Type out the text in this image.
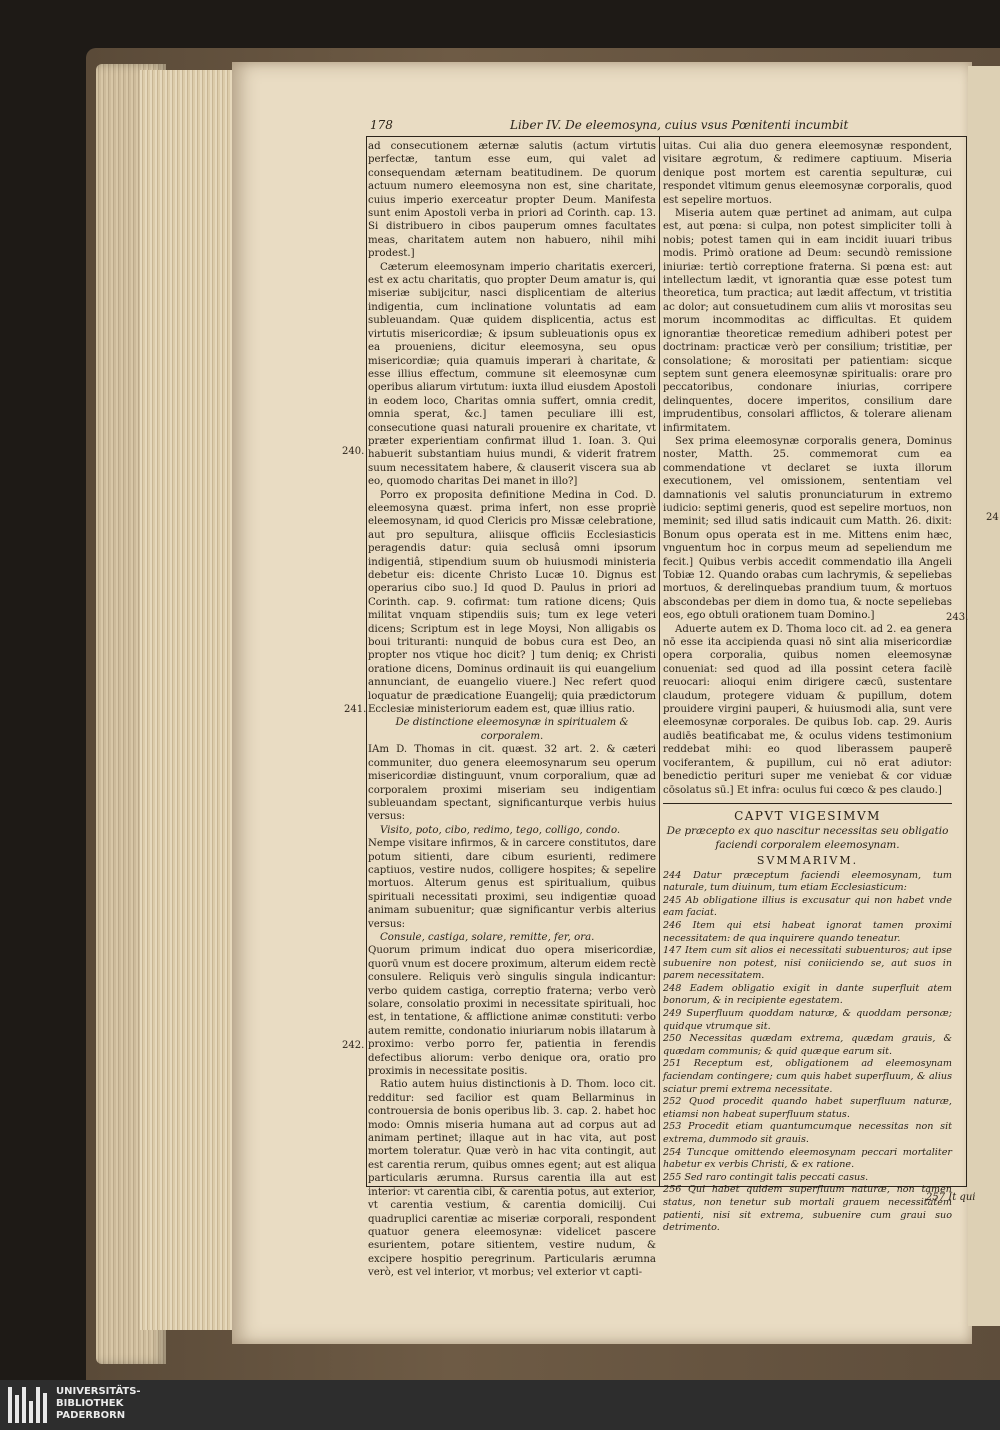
178	Liber IV. De eleemosyna, cuius vsus Pœnitenti incumbit

ad consecutionem æternæ salutis (actum virtutis perfectæ, tantum esse eum, qui valet ad consequendam æternam beatitudinem. De quorum actuum numero eleemosyna non est, sine charitate, cuius imperio exerceatur propter Deum. Manifesta sunt enim Apostoli verba in priori ad Corinth. cap. 13. Si distribuero in cibos pauperum omnes facultates meas, charitatem autem non habuero, nihil mihi prodest.]

Cæterum eleemosynam imperio charitatis exerceri, est ex actu charitatis, quo propter Deum amatur is, qui miseriæ subijcitur, nasci displicentiam de alterius indigentia, cum inclinatione voluntatis ad eam subleuandam. Quæ quidem displicentia, actus est virtutis misericordiæ; & ipsum subleuationis opus ex ea proueniens, dicitur eleemosyna, seu opus misericordiæ; quia quamuis imperari à charitate, & esse illius effectum, commune sit eleemosynæ cum operibus aliarum virtutum: iuxta illud eiusdem Apostoli in eodem loco, Charitas omnia suffert, omnia credit, omnia sperat, &c.] tamen peculiare illi est, consecutione quasi naturali prouenire ex charitate, vt præter experientiam confirmat illud 1. Ioan. 3. Qui habuerit substantiam huius mundi, & viderit fratrem suum necessitatem habere, & clauserit viscera sua ab eo, quomodo charitas Dei manet in illo?]

Porro ex proposita definitione Medina in Cod. D. eleemosyna quæst. prima infert, non esse propriè eleemosynam, id quod Clericis pro Missæ celebratione, aut pro sepultura, aliisque officiis Ecclesiasticis peragendis datur: quia seclusâ omni ipsorum indigentiâ, stipendium suum ob huiusmodi ministeria debetur eis: dicente Christo Lucæ 10. Dignus est operarius cibo suo.] Id quod D. Paulus in priori ad Corinth. cap. 9. cofirmat: tum ratione dicens; Quis militat vnquam stipendiis suis; tum ex lege veteri dicens; Scriptum est in lege Moysi, Non alligabis os boui trituranti: nunquid de bobus cura est Deo, an propter nos vtique hoc dicit? ] tum deniq; ex Christi oratione dicens, Dominus ordinauit iis qui euangelium annunciant, de euangelio viuere.] Nec refert quod loquatur de prædicatione Euangelij; quia prædictorum Ecclesiæ ministeriorum eadem est, quæ illius ratio.

De distinctione eleemosynæ in spiritualem & corporalem.

IAm D. Thomas in cit. quæst. 32 art. 2. & cæteri communiter, duo genera eleemosynarum seu operum misericordiæ distinguunt, vnum corporalium, quæ ad corporalem proximi miseriam seu indigentiam subleuandam spectant, significanturque verbis huius versus:

Visito, poto, cibo, redimo, tego, colligo, condo.

Nempe visitare infirmos, & in carcere constitutos, dare potum sitienti, dare cibum esurienti, redimere captiuos, vestire nudos, colligere hospites; & sepelire mortuos. Alterum genus est spiritualium, quibus spirituali necessitati proximi, seu indigentiæ quoad animam subuenitur; quæ significantur verbis alterius versus:

Consule, castiga, solare, remitte, fer, ora.

Quorum primum indicat duo opera misericordiæ, quorū vnum est docere proximum, alterum eidem rectè consulere. Reliquis verò singulis singula indicantur: verbo quidem castiga, correptio fraterna; verbo verò solare, consolatio proximi in necessitate spirituali, hoc est, in tentatione, & afflictione animæ constituti: verbo autem remitte, condonatio iniuriarum nobis illatarum à proximo: verbo porro fer, patientia in ferendis defectibus aliorum: verbo denique ora, oratio pro proximis in necessitate positis.

Ratio autem huius distinctionis à D. Thom. loco cit. redditur: sed facilior est quam Bellarminus in controuersia de bonis operibus lib. 3. cap. 2. habet hoc modo: Omnis miseria humana aut ad corpus aut ad animam pertinet; illaque aut in hac vita, aut post mortem toleratur. Quæ verò in hac vita contingit, aut est carentia rerum, quibus omnes egent; aut est aliqua particularis ærumna. Rursus carentia illa aut est interior: vt carentia cibi, & carentia potus, aut exterior, vt carentia vestium, & carentia domicilij. Cui quadruplici carentiæ ac miseriæ corporali, respondent quatuor genera eleemosynæ: videlicet pascere esurientem, potare sitientem, vestire nudum, & excipere hospitio peregrinum. Particularis ærumna verò, est vel interior, vt morbus; vel exterior vt capti-

uitas. Cui alia duo genera eleemosynæ respondent, visitare ægrotum, & redimere captiuum. Miseria denique post mortem est carentia sepulturæ, cui respondet vltimum genus eleemosynæ corporalis, quod est sepelire mortuos.

Miseria autem quæ pertinet ad animam, aut culpa est, aut pœna: si culpa, non potest simpliciter tolli à nobis; potest tamen qui in eam incidit iuuari tribus modis. Primò oratione ad Deum: secundò remissione iniuriæ: tertiò correptione fraterna. Si pœna est: aut intellectum lædit, vt ignorantia quæ esse potest tum theoretica, tum practica; aut lædit affectum, vt tristitia ac dolor; aut consuetudinem cum aliis vt morositas seu morum incommoditas ac difficultas. Et quidem ignorantiæ theoreticæ remedium adhiberi potest per doctrinam: practicæ verò per consilium; tristitiæ, per consolatione; & morositati per patientiam: sicque septem sunt genera eleemosynæ spiritualis: orare pro peccatoribus, condonare iniurias, corripere delinquentes, docere imperitos, consilium dare imprudentibus, consolari afflictos, & tolerare alienam infirmitatem.

Sex prima eleemosynæ corporalis genera, Dominus noster, Matth. 25. commemorat cum ea commendatione vt declaret se iuxta illorum executionem, vel omissionem, sententiam vel damnationis vel salutis pronunciaturum in extremo iudicio: septimi generis, quod est sepelire mortuos, non meminit; sed illud satis indicauit cum Matth. 26. dixit: Bonum opus operata est in me. Mittens enim hæc, vnguentum hoc in corpus meum ad sepeliendum me fecit.] Quibus verbis accedit commendatio illa Angeli Tobiæ 12. Quando orabas cum lachrymis, & sepeliebas mortuos, & derelinquebas prandium tuum, & mortuos abscondebas per diem in domo tua, & nocte sepeliebas eos, ego obtuli orationem tuam Domino.]

Aduerte autem ex D. Thoma loco cit. ad 2. ea genera nō esse ita accipienda quasi nō sint alia misericordiæ opera corporalia, quibus nomen eleemosynæ conueniat: sed quod ad illa possint cetera facilè reuocari: alioqui enim dirigere cæcū, sustentare claudum, protegere viduam & pupillum, dotem prouidere virgini pauperi, & huiusmodi alia, sunt vere eleemosynæ corporales. De quibus Iob. cap. 29. Auris audiēs beatificabat me, & oculus videns testimonium reddebat mihi: eo quod liberassem pauperē vociferantem, & pupillum, cui nō erat adiutor: benedictio perituri super me veniebat & cor viduæ cōsolatus sū.] Et infra: oculus fui cœco & pes claudo.]

CAPVT VIGESIMVM
De præcepto ex quo nascitur necessitas seu obligatio faciendi corporalem eleemosynam.
SVMMARIVM.
244 Datur præceptum faciendi eleemosynam, tum naturale, tum diuinum, tum etiam Ecclesiasticum:
245 Ab obligatione illius is excusatur qui non habet vnde eam faciat.
246 Item qui etsi habeat ignorat tamen proximi necessitatem: de qua inquirere quando teneatur.
147 Item cum sit alios ei necessitati subuenturos; aut ipse subuenire non potest, nisi coniiciendo se, aut suos in parem necessitatem.
248 Eadem obligatio exigit in dante superfluit atem bonorum, & in recipiente egestatem.
249 Superfluum quoddam naturæ, & quoddam personæ; quidque vtrumque sit.
250 Necessitas quædam extrema, quædam grauis, & quædam communis; & quid quæque earum sit.
251 Receptum est, obligationem ad eleemosynam faciendam contingere; cum quis habet superfluum, & alius sciatur premi extrema necessitate.
252 Quod procedit quando habet superfluum naturæ, etiamsi non habeat superfluum status.
253 Procedit etiam quantumcumque necessitas non sit extrema, dummodo sit grauis.
254 Tuncque omittendo eleemosynam peccari mortaliter habetur ex verbis Christi, & ex ratione.
255 Sed raro contingit talis peccati casus.
256 Qui habet quidem superfluum naturæ, non tamen status, non tenetur sub mortali grauem necessitatem patienti, nisi sit extrema, subuenire cum graui suo detrimento.
240.
241.
242.
243.
24
257 It qui
UNIVERSITÄTS-
BIBLIOTHEK
PADERBORN
